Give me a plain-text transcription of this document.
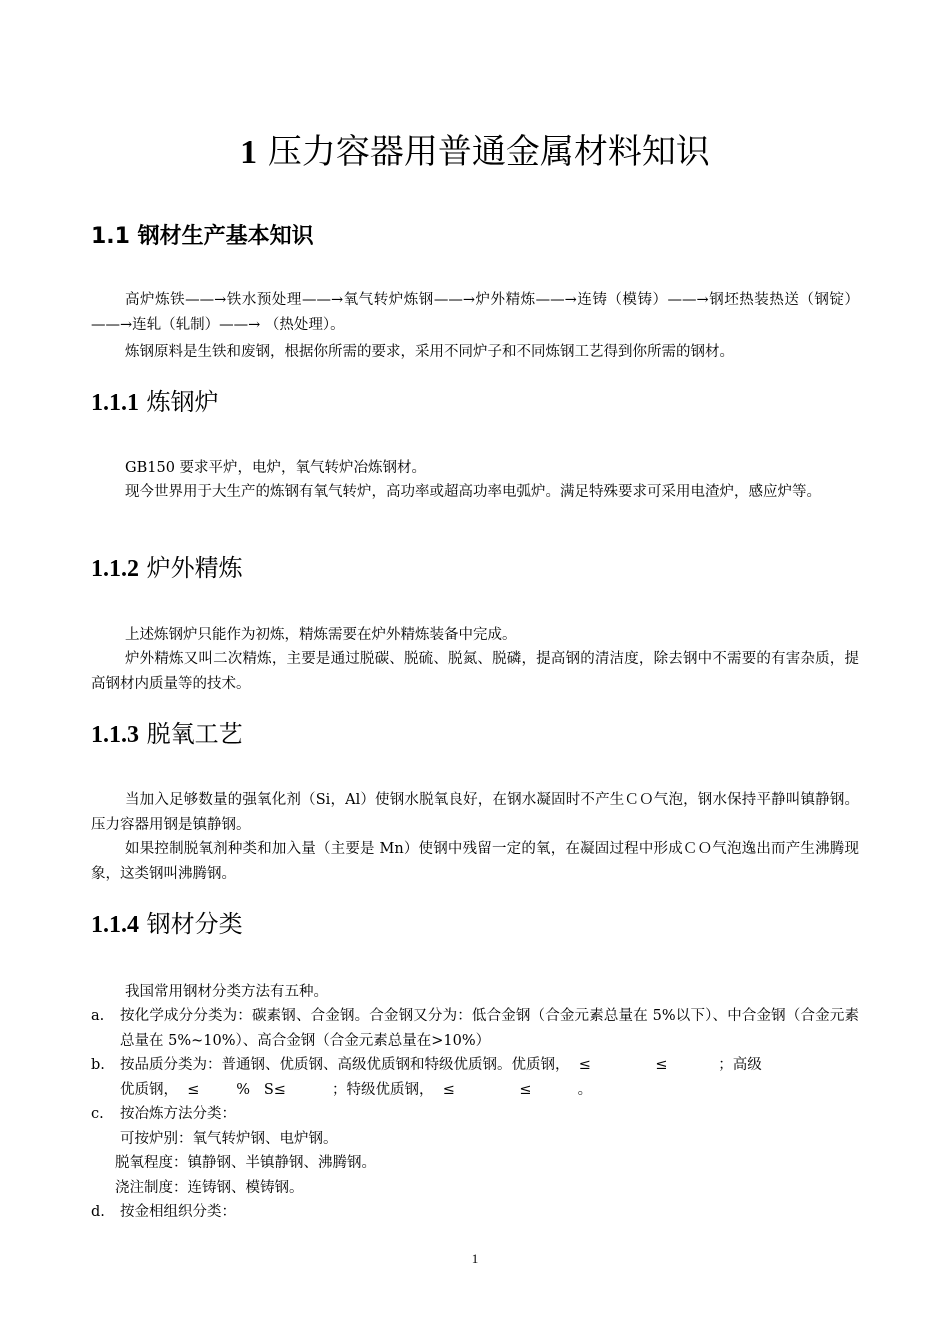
1 压力容器用普通金属材料知识
1.1 钢材生产基本知识

高炉炼铁——→铁水预处理——→氧气转炉炼钢——→炉外精炼——→连铸（模铸）——→钢坯热装热送（钢锭）——→连轧（轧制）——→ （热处理）。

炼钢原料是生铁和废钢，根据你所需的要求，采用不同炉子和不同炼钢工艺得到你所需的钢材。

1.1.1 炼钢炉

GB150 要求平炉，电炉，氧气转炉冶炼钢材。

现今世界用于大生产的炼钢有氧气转炉，高功率或超高功率电弧炉。满足特殊要求可采用电渣炉，感应炉等。

1.1.2 炉外精炼

上述炼钢炉只能作为初炼，精炼需要在炉外精炼装备中完成。

炉外精炼又叫二次精炼，主要是通过脱碳、脱硫、脱氮、脱磷，提高钢的清洁度，除去钢中不需要的有害杂质，提高钢材内质量等的技术。

1.1.3 脱氧工艺

当加入足够数量的强氧化剂（Si，Al）使钢水脱氧良好，在钢水凝固时不产生ＣＯ气泡，钢水保持平静叫镇静钢。压力容器用钢是镇静钢。

如果控制脱氧剂种类和加入量（主要是 Mn）使钢中残留一定的氧，在凝固过程中形成ＣＯ气泡逸出而产生沸腾现象，这类钢叫沸腾钢。

1.1.4 钢材分类

我国常用钢材分类方法有五种。

a.	按化学成分分类为：碳素钢、合金钢。合金钢又分为：低合金钢（合金元素总量在 5%以下）、中合金钢（合金元素总量在 5%~10%）、高合金钢（合金元素总量在>10%）
b.	按品质分类为：普通钢、优质钢、高级优质钢和特级优质钢。优质钢，  ≤              ≤           ；高级
优质钢，  ≤        %   S≤          ；特级优质钢，  ≤              ≤          。
c.	按冶炼方法分类：
可按炉别：氧气转炉钢、电炉钢。
脱氧程度：镇静钢、半镇静钢、沸腾钢。
浇注制度：连铸钢、模铸钢。
d.	按金相组织分类：
1
